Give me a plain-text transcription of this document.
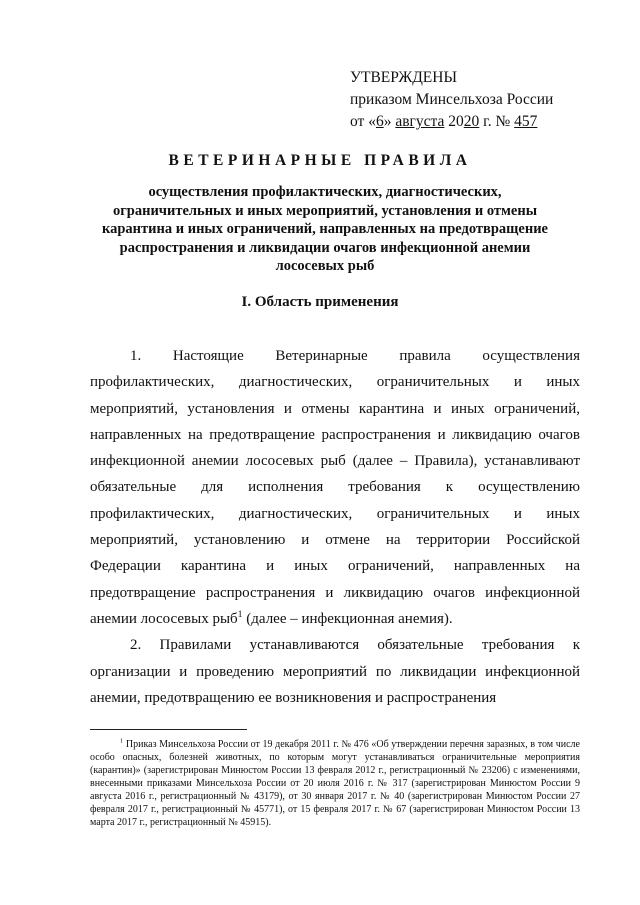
УТВЕРЖДЕНЫ
приказом Минсельхоза России
от «6» августа 2020 г. № 457
ВЕТЕРИНАРНЫЕ ПРАВИЛА
осуществления профилактических, диагностических, ограничительных и иных мероприятий, установления и отмены карантина и иных ограничений, направленных на предотвращение распространения и ликвидации очагов инфекционной анемии лососевых рыб
I. Область применения

1. Настоящие Ветеринарные правила осуществления профилактических, диагностических, ограничительных и иных мероприятий, установления и отмены карантина и иных ограничений, направленных на предотвращение распространения и ликвидацию очагов инфекционной анемии лососевых рыб (далее – Правила), устанавливают обязательные для исполнения требования к осуществлению профилактических, диагностических, ограничительных и иных мероприятий, установлению и отмене на территории Российской Федерации карантина и иных ограничений, направленных на предотвращение распространения и ликвидацию очагов инфекционной анемии лососевых рыб$^1$ (далее – инфекционная анемия).

2. Правилами устанавливаются обязательные требования к организации и проведению мероприятий по ликвидации инфекционной анемии, предотвращению ее возникновения и распространения

$^1$ Приказ Минсельхоза России от 19 декабря 2011 г. № 476 «Об утверждении перечня заразных, в том числе особо опасных, болезней животных, по которым могут устанавливаться ограничительные мероприятия (карантин)» (зарегистрирован Минюстом России 13 февраля 2012 г., регистрационный № 23206) с изменениями, внесенными приказами Минсельхоза России от 20 июля 2016 г. № 317 (зарегистрирован Минюстом России 9 августа 2016 г., регистрационный № 43179), от 30 января 2017 г. № 40 (зарегистрирован Минюстом России 27 февраля 2017 г., регистрационный № 45771), от 15 февраля 2017 г. № 67 (зарегистрирован Минюстом России 13 марта 2017 г., регистрационный № 45915).
